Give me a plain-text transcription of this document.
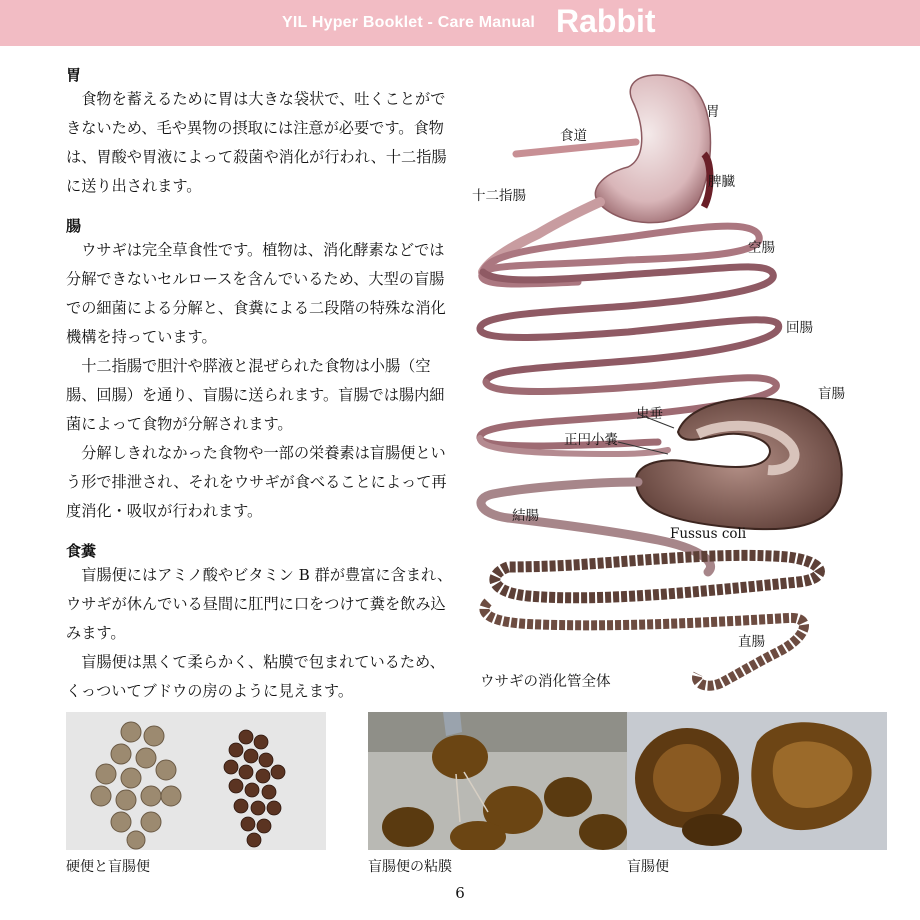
YIL Hyper Booklet - Care Manual Rabbit

胃

食物を蓄えるために胃は大きな袋状で、吐くことができないため、毛や異物の摂取には注意が必要です。食物は、胃酸や胃液によって殺菌や消化が行われ、十二指腸に送り出されます。

腸

ウサギは完全草食性です。植物は、消化酵素などでは分解できないセルロースを含んでいるため、大型の盲腸での細菌による分解と、食糞による二段階の特殊な消化機構を持っています。

十二指腸で胆汁や膵液と混ぜられた食物は小腸（空腸、回腸）を通り、盲腸に送られます。盲腸では腸内細菌によって食物が分解されます。

分解しきれなかった食物や一部の栄養素は盲腸便という形で排泄され、それをウサギが食べることによって再度消化・吸収が行われます。

食糞

盲腸便にはアミノ酸やビタミン B 群が豊富に含まれ、ウサギが休んでいる昼間に肛門に口をつけて糞を飲み込みます。

盲腸便は黒くて柔らかく、粘膜で包まれているため、くっついてブドウの房のように見えます。

胃
食道
脾臓
十二指腸
空腸
回腸
盲腸
虫垂
正円小嚢
結腸
Fussus coli
直腸
ウサギの消化管全体
硬便と盲腸便	盲腸便の粘膜	盲腸便
6
